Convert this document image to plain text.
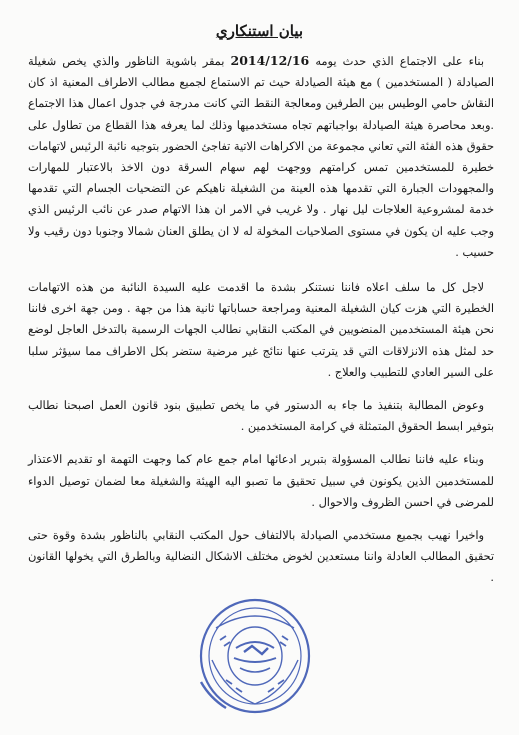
بيان استنكاري

بناء على الاجتماع الذي حدث يومه 2014/12/16 بمقر باشوية الناظور والذي يخص شغيلة الصيادلة ( المستخدمين ) مع هيئة الصيادلة حيث تم الاستماع لجميع مطالب الاطراف المعنية اذ كان النقاش حامي الوطيس بين الطرفين ومعالجة النقط التي كانت مدرجة في جدول اعمال هذا الاجتماع .وبعد محاصرة هيئة الصيادلة بواجباتهم تجاه مستخدميها وذلك لما يعرفه هذا القطاع من تطاول على حقوق هذه الفئة التي تعاني مجموعة من الاكراهات الاتية تفاجئ الحضور بتوجيه نائبة الرئيس لاتهامات خطيرة للمستخدمين تمس كرامتهم ووجهت لهم سهام السرقة دون الاخذ بالاعتبار للمهارات والمجهودات الجبارة التي تقدمها هذه العينة من الشغيلة ناهيكم عن التضحيات الجسام التي تقدمها خدمة لمشروعية العلاجات ليل نهار . ولا غريب في الامر ان هذا الاتهام صدر عن نائب الرئيس الذي وجب عليه ان يكون في مستوى الصلاحيات المخولة له لا ان يطلق العنان شمالا وجنوبا دون رقيب ولا حسيب .

لاجل كل ما سلف اعلاه فاننا نستنكر بشدة ما اقدمت عليه السيدة النائبة من هذه الاتهامات الخطيرة التي هزت كيان الشغيلة المعنية ومراجعة حساباتها ثانية هذا من جهة . ومن جهة اخرى فاننا نحن هيئة المستخدمين المنضويين في المكتب النقابي نطالب الجهات الرسمية بالتدخل العاجل لوضع حد لمثل هذه الانزلاقات التي قد يترتب عنها نتائج غير مرضية ستضر بكل الاطراف مما سيؤثر سلبا على السير العادي للتطبيب والعلاج .

وعوض المطالبة بتنفيذ ما جاء به الدستور في ما يخص تطبيق بنود قانون العمل اصبحنا نطالب بتوفير ابسط الحقوق المتمثلة في كرامة المستخدمين .

وبناء عليه فاننا نطالب المسؤولة بتبرير ادعائها امام جمع عام كما وجهت التهمة او تقديم الاعتذار للمستخدمين الذين يكونون في سبيل تحقيق ما تصبو اليه الهيئة والشغيلة معا لضمان توصيل الدواء للمرضى في احسن الظروف والاحوال .

واخيرا نهيب بجميع مستخدمي الصيادلة بالالتفاف حول المكتب النقابي بالناظور بشدة وقوة حتى تحقيق المطالب العادلة واننا مستعدين لخوض مختلف الاشكال النضالية وبالطرق التي يخولها القانون .
